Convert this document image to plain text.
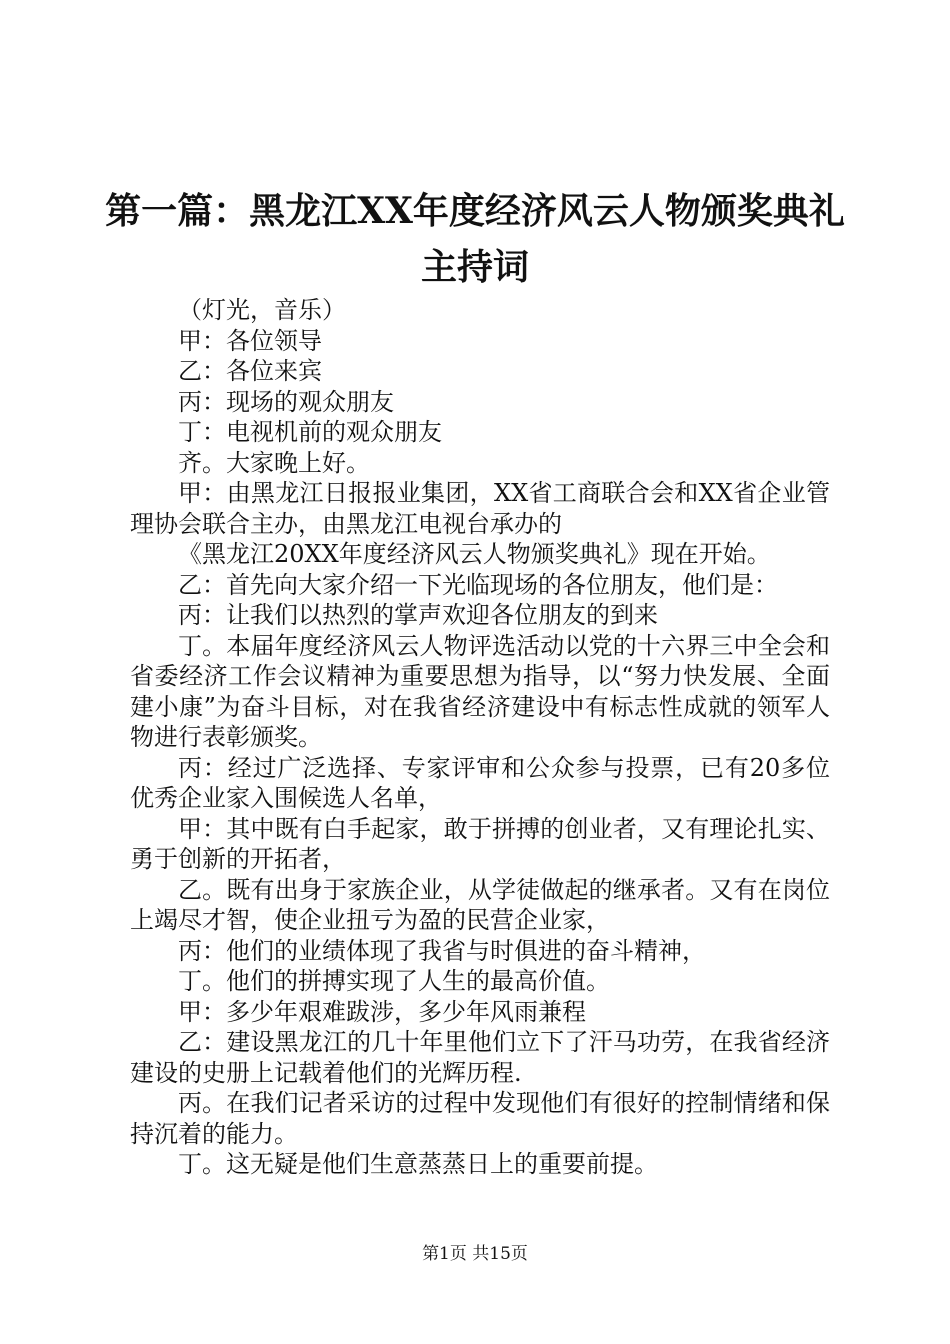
第一篇：黑龙江XX年度经济风云人物颁奖典礼主持词

（灯光，音乐）

甲：各位领导

乙：各位来宾

丙：现场的观众朋友

丁：电视机前的观众朋友

齐。大家晚上好。

甲：由黑龙江日报报业集团，XX省工商联合会和XX省企业管理协会联合主办，由黑龙江电视台承办的

《黑龙江20XX年度经济风云人物颁奖典礼》现在开始。

乙：首先向大家介绍一下光临现场的各位朋友，他们是：

丙：让我们以热烈的掌声欢迎各位朋友的到来

丁。本届年度经济风云人物评选活动以党的十六界三中全会和省委经济工作会议精神为重要思想为指导，以“努力快发展、全面建小康”为奋斗目标，对在我省经济建设中有标志性成就的领军人物进行表彰颁奖。

丙：经过广泛选择、专家评审和公众参与投票，已有20多位优秀企业家入围候选人名单，

甲：其中既有白手起家，敢于拼搏的创业者，又有理论扎实、勇于创新的开拓者，

乙。既有出身于家族企业，从学徒做起的继承者。又有在岗位上竭尽才智，使企业扭亏为盈的民营企业家，

丙：他们的业绩体现了我省与时俱进的奋斗精神，

丁。他们的拼搏实现了人生的最高价值。

甲：多少年艰难跋涉，多少年风雨兼程

乙：建设黑龙江的几十年里他们立下了汗马功劳，在我省经济建设的史册上记载着他们的光辉历程.

丙。在我们记者采访的过程中发现他们有很好的控制情绪和保持沉着的能力。

丁。这无疑是他们生意蒸蒸日上的重要前提。

第1页 共15页
